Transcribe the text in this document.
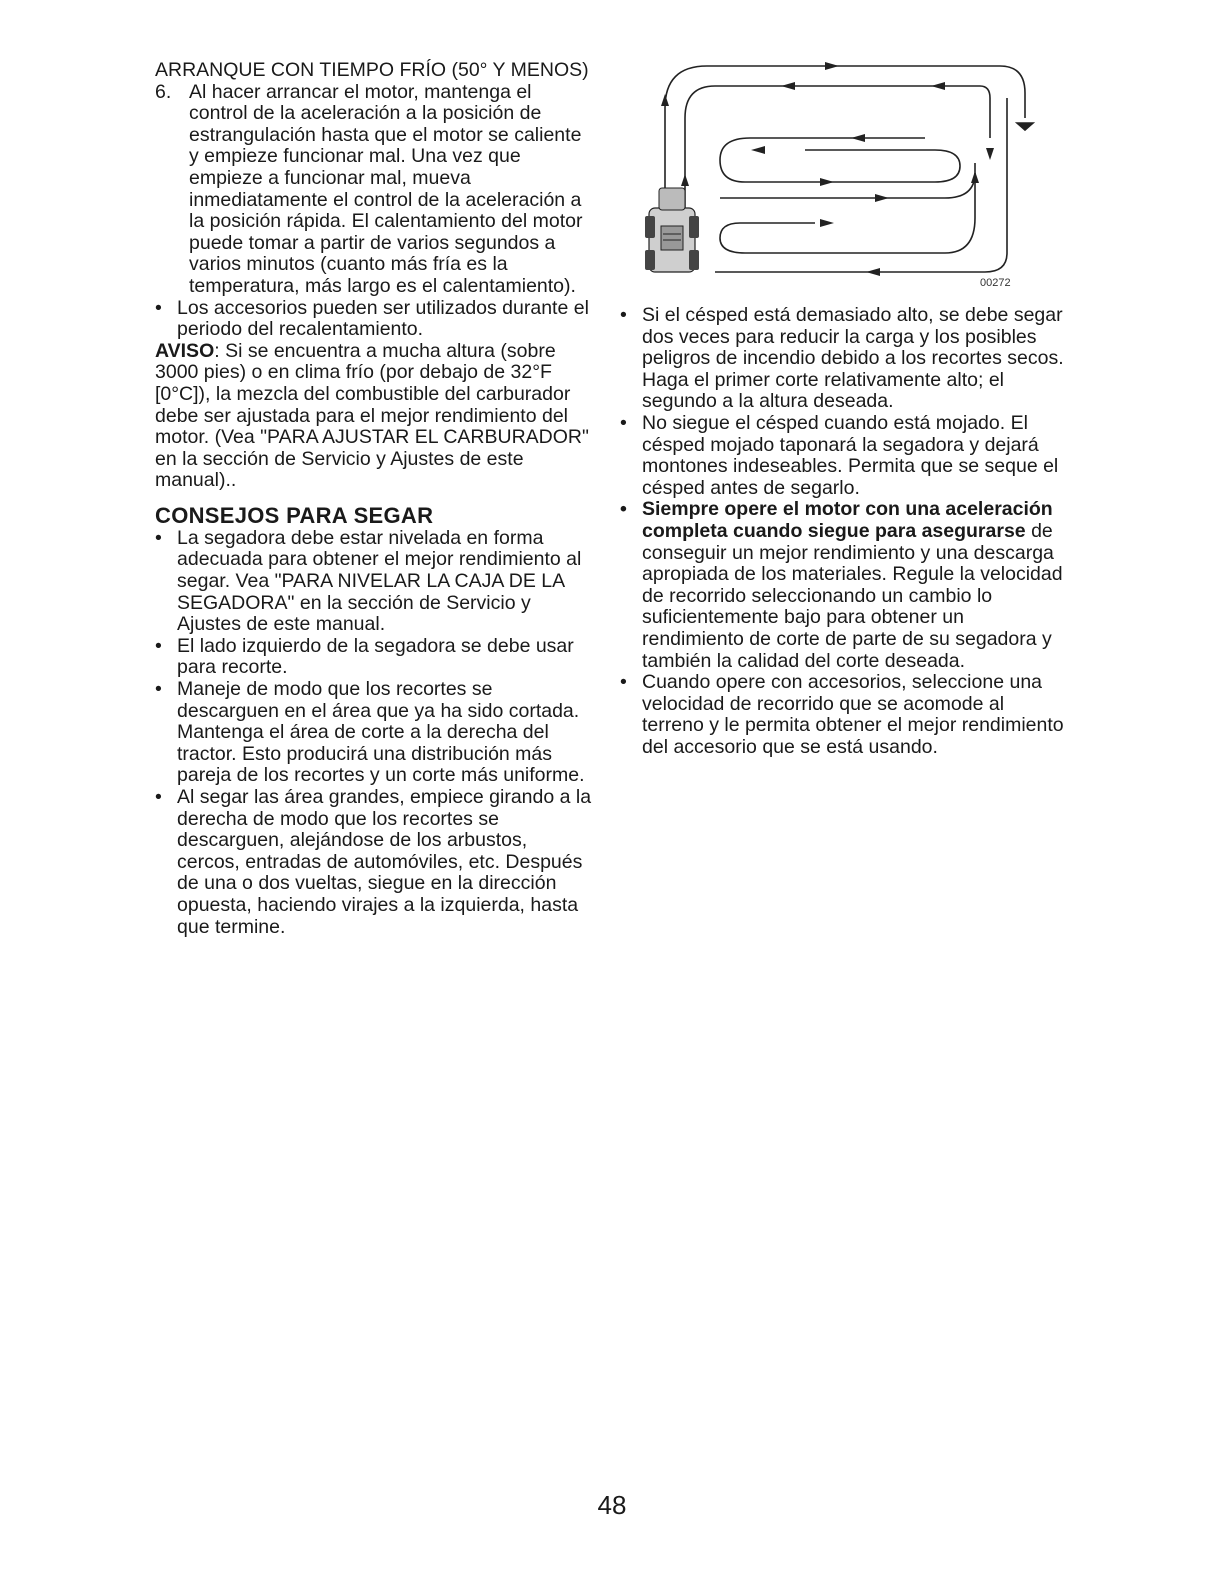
ARRANQUE CON TIEMPO FRÍO (50° Y MENOS)

6. Al hacer arrancar el motor, mantenga el control de la aceleración a la posición de estrangulación hasta que el motor se caliente y empieze funcionar mal. Una vez que empieze a funcionar mal, mueva inmediatamente el control de la aceleración a la posición rápida. El calentamiento del motor puede tomar a partir de varios segundos a varios minutos (cuanto más fría es la temperatura, más largo es el calentamiento).
• Los accesorios pueden ser utilizados durante el periodo del recalentamiento.

AVISO: Si se encuentra a mucha altura (sobre 3000 pies) o en clima frío (por debajo de 32°F [0°C]), la mezcla del combustible del carburador debe ser ajustada para el mejor rendimiento del motor. (Vea "PARA AJUSTAR EL CARBURADOR" en la sección de Servicio y Ajustes de este manual)..

CONSEJOS PARA SEGAR
• La segadora debe estar nivelada en forma adecuada para obtener el mejor rendimiento al segar. Vea "PARA NIVELAR LA CAJA DE LA SEGADORA" en la sección de Servicio y Ajustes de este manual.
• El lado izquierdo de la segadora se debe usar para recorte.
• Maneje de modo que los recortes se descarguen en el área que ya ha sido cortada. Mantenga el área de corte a la derecha del tractor. Esto producirá una distribución más pareja de los recortes y un corte más uniforme.
• Al segar las área grandes, empiece girando a la derecha de modo que los recortes se descarguen, alejándose de los arbustos, cercos, entradas de automóviles, etc. Después de una o dos vueltas, siegue en la dirección opuesta, haciendo virajes a la izquierda, hasta que termine.
00272
• Si el césped está demasiado alto, se debe segar dos veces para reducir la carga y los posibles peligros de incendio debido a los recortes secos. Haga el primer corte relativamente alto; el segundo a la altura deseada.
• No siegue el césped cuando está mojado. El césped mojado taponará la segadora y dejará montones indeseables. Permita que se seque el césped antes de segarlo.
• Siempre opere el motor con una aceleración completa cuando siegue para asegurarse de conseguir un mejor rendimiento y una descarga apropiada de los materiales. Regule la velocidad de recorrido seleccionando un cambio lo suficientemente bajo para obtener un rendimiento de corte de parte de su segadora y también la calidad del corte deseada.
• Cuando opere con accesorios, seleccione una velocidad de recorrido que se acomode al terreno y le permita obtener el mejor rendimiento del accesorio que se está usando.
48
